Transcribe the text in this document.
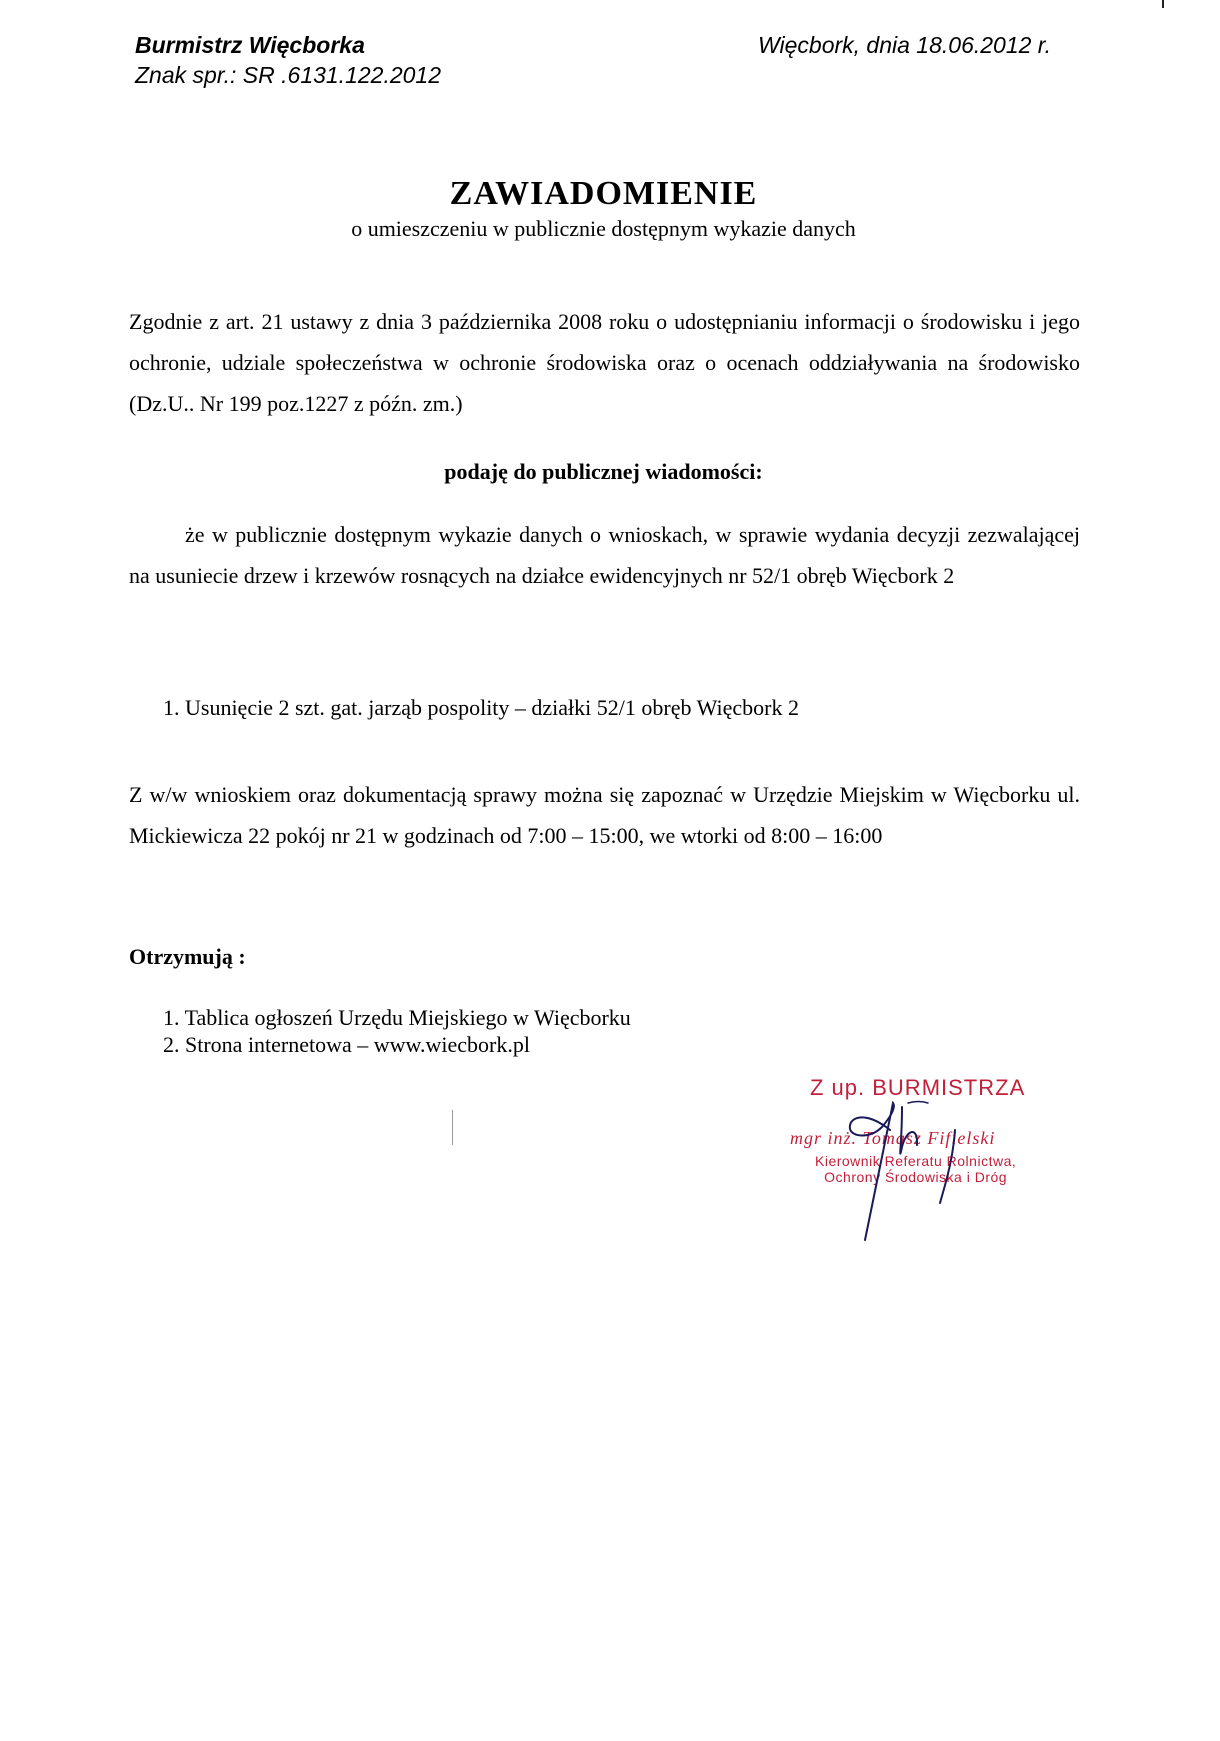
Burmistrz Więcborka
Znak spr.: SR .6131.122.2012
Więcbork, dnia 18.06.2012 r.
ZAWIADOMIENIE
o umieszczeniu w publicznie dostępnym wykazie danych
Zgodnie z art. 21 ustawy z dnia 3 października 2008 roku o udostępnianiu informacji o środowisku i jego ochronie, udziale społeczeństwa w ochronie środowiska oraz o ocenach oddziaływania na środowisko (Dz.U.. Nr 199 poz.1227 z późn. zm.)
podaję do publicznej wiadomości:
że w publicznie dostępnym wykazie danych o wnioskach, w sprawie wydania decyzji zezwalającej na usuniecie drzew i krzewów rosnących na działce ewidencyjnych nr 52/1 obręb Więcbork 2
1. Usunięcie 2 szt. gat. jarząb pospolity – działki 52/1 obręb Więcbork 2
Z w/w wnioskiem oraz dokumentacją sprawy można się zapoznać w Urzędzie Miejskim w Więcborku ul. Mickiewicza 22 pokój nr 21 w godzinach od 7:00 – 15:00, we wtorki od 8:00 – 16:00
Otrzymują :
1. Tablica ogłoszeń Urzędu Miejskiego w Więcborku
2. Strona internetowa – www.wiecbork.pl
Z up. BURMISTRZA
mgr inż. Tomasz Fifielski
Kierownik Referatu Rolnictwa,
Ochrony Środowiska i Dróg
